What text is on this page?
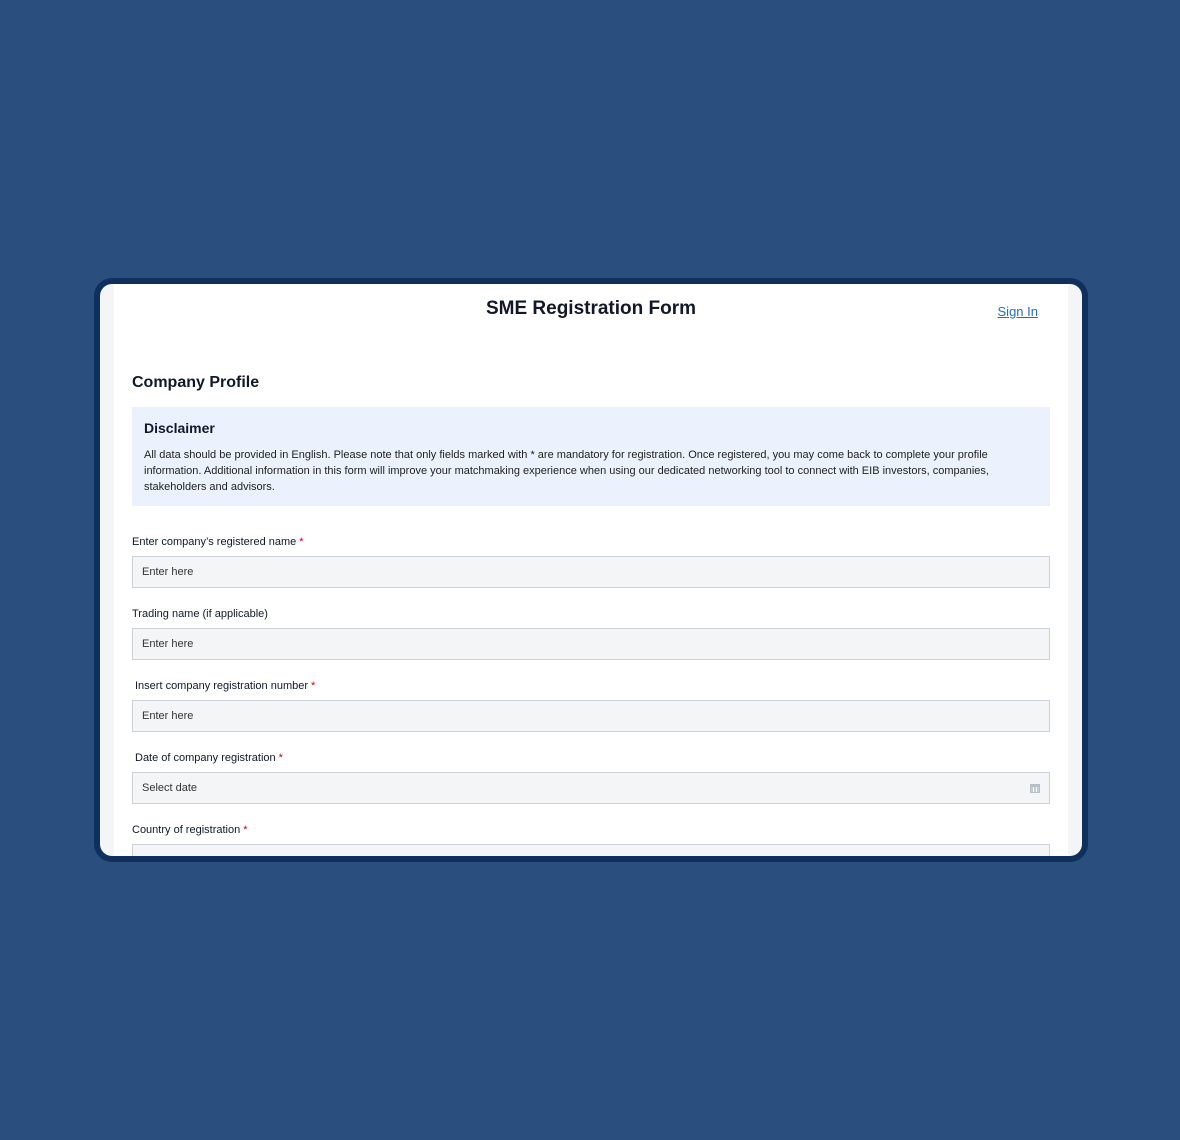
SME Registration Form	Sign In
Company Profile
Disclaimer
All data should be provided in English. Please note that only fields marked with * are mandatory for registration. Once registered, you may come back to complete your profile information. Additional information in this form will improve your matchmaking experience when using our dedicated networking tool to connect with EIB investors, companies, stakeholders and advisors.
Enter company’s registered name *
Enter here
Trading name (if applicable)
Enter here
Insert company registration number *
Enter here
Date of company registration *
Select date
Country of registration *
